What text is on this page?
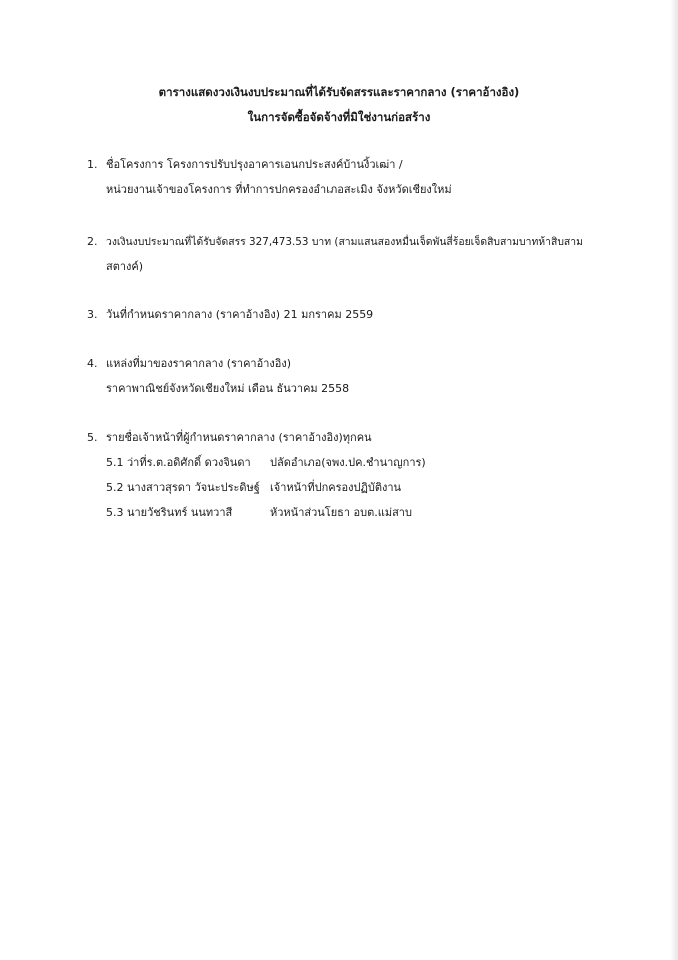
ตารางแสดงวงเงินงบประมาณที่ได้รับจัดสรรและราคากลาง (ราคาอ้างอิง)
ในการจัดซื้อจัดจ้างที่มิใช่งานก่อสร้าง
1. ชื่อโครงการ โครงการปรับปรุงอาคารเอนกประสงค์บ้านงิ้วเฒ่า /
หน่วยงานเจ้าของโครงการ ที่ทำการปกครองอำเภอสะเมิง จังหวัดเชียงใหม่
2. วงเงินงบประมาณที่ได้รับจัดสรร 327,473.53 บาท (สามแสนสองหมื่นเจ็ดพันสี่ร้อยเจ็ดสิบสามบาทห้าสิบสาม
สตางค์)
3. วันที่กำหนดราคากลาง (ราคาอ้างอิง) 21 มกราคม 2559
4. แหล่งที่มาของราคากลาง (ราคาอ้างอิง)
ราคาพาณิชย์จังหวัดเชียงใหม่ เดือน ธันวาคม 2558
5. รายชื่อเจ้าหน้าที่ผู้กำหนดราคากลาง (ราคาอ้างอิง)ทุกคน
5.1 ว่าที่ร.ต.อดิศักดิ์ ดวงจินดา ปลัดอำเภอ(จพง.ปค.ชำนาญการ)
5.2 นางสาวสุรดา วัจนะประดิษฐ์ เจ้าหน้าที่ปกครองปฏิบัติงาน
5.3 นายวัชรินทร์ นนทวาสี	หัวหน้าส่วนโยธา อบต.แม่สาบ
